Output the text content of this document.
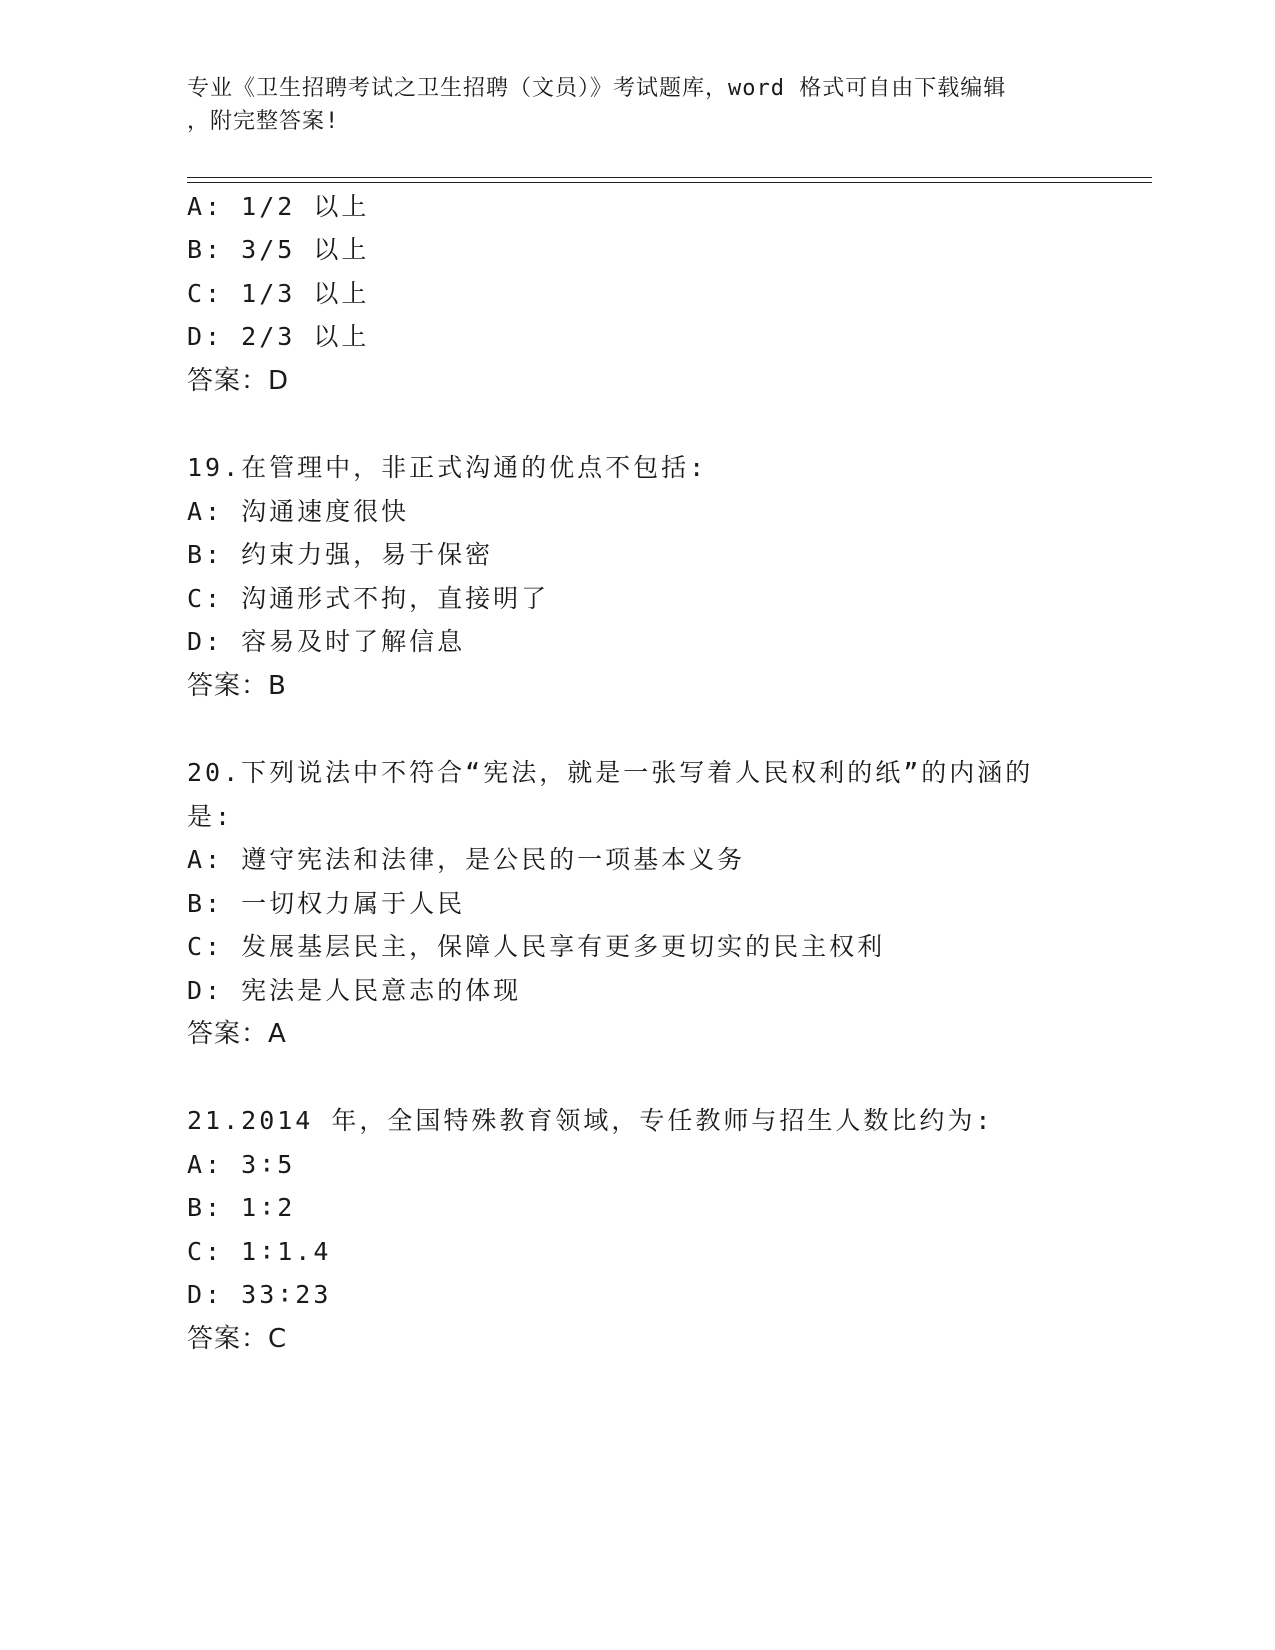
专业《卫生招聘考试之卫生招聘（文员）》考试题库，word 格式可自由下载编辑
，附完整答案!
A: 1/2 以上
B: 3/5 以上
C: 1/3 以上
D: 2/3 以上
答案：D
19.在管理中，非正式沟通的优点不包括:
A: 沟通速度很快
B: 约束力强，易于保密
C: 沟通形式不拘，直接明了
D: 容易及时了解信息
答案：B
20.下列说法中不符合“宪法，就是一张写着人民权利的纸”的内涵的
是:
A: 遵守宪法和法律，是公民的一项基本义务
B: 一切权力属于人民
C: 发展基层民主，保障人民享有更多更切实的民主权利
D: 宪法是人民意志的体现
答案：A
21.2014 年，全国特殊教育领域，专任教师与招生人数比约为:
A: 3∶5
B: 1∶2
C: 1∶1.4
D: 33∶23
答案：C
